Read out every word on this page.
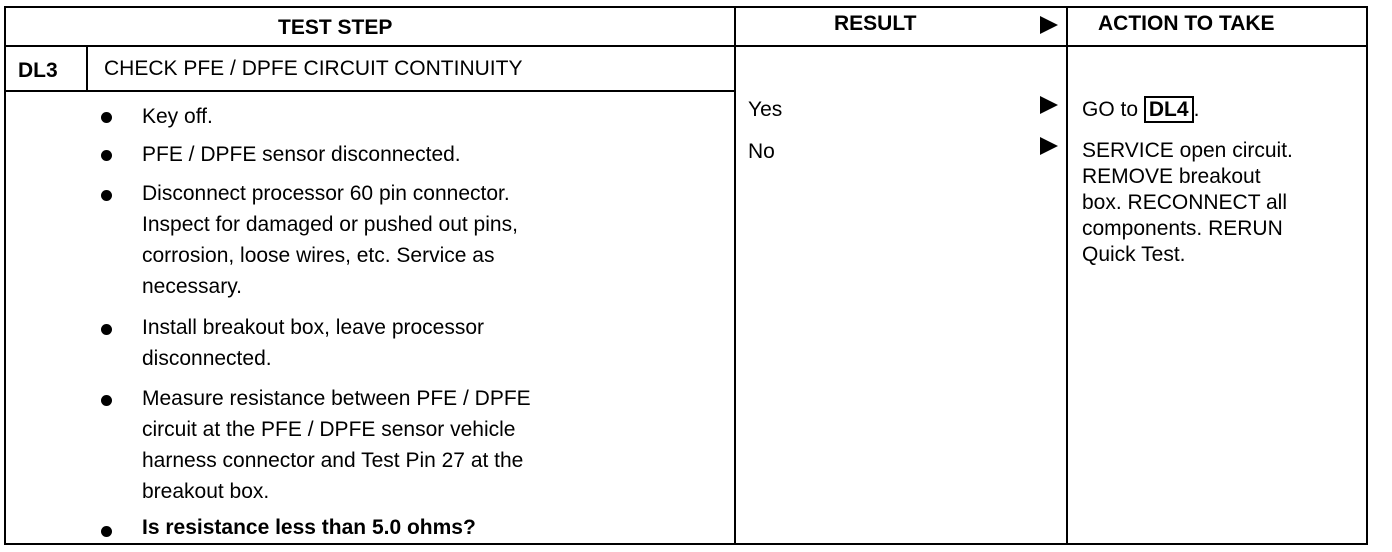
TEST STEP	RESULT	ACTION TO TAKE
DL3 CHECK PFE / DPFE CIRCUIT CONTINUITY
Key off.
PFE / DPFE sensor disconnected.
Disconnect processor 60 pin connector.
Inspect for damaged or pushed out pins,
corrosion, loose wires, etc. Service as
necessary.
Install breakout box, leave processor
disconnected.
Measure resistance between PFE / DPFE
circuit at the PFE / DPFE sensor vehicle
harness connector and Test Pin 27 at the
breakout box.
Is resistance less than 5.0 ohms?
Yes
No
GO to DL4 .
SERVICE open circuit.
REMOVE breakout
box. RECONNECT all
components. RERUN
Quick Test.
